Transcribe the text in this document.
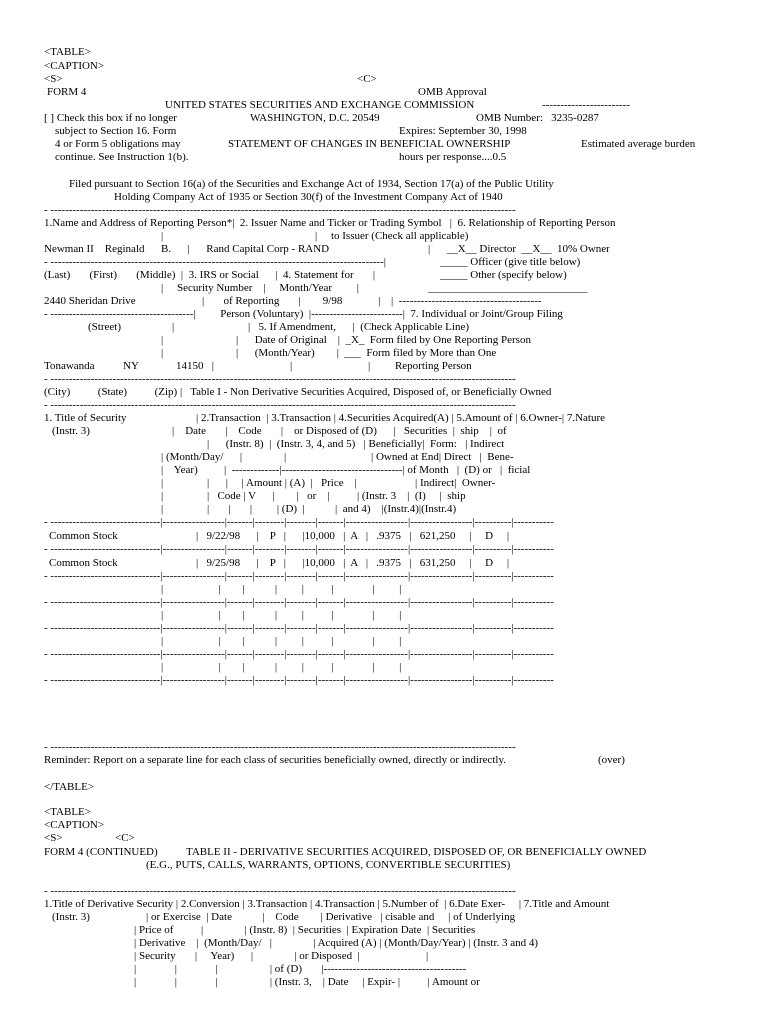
<TABLE>
<CAPTION>
<S>	<C>
FORM 4	OMB Approval
UNITED STATES SECURITIES AND EXCHANGE COMMISSION	------------------------
[ ] Check this box if no longer	WASHINGTON, D.C. 20549	OMB Number:   3235-0287
subject to Section 16. Form	Expires: September 30, 1998
4 or Form 5 obligations may	STATEMENT OF CHANGES IN BENEFICIAL OWNERSHIP	Estimated average burden
continue. See Instruction 1(b).	hours per response....0.5
Filed pursuant to Section 16(a) of the Securities and Exchange Act of 1934, Section 17(a) of the Public Utility
Holding Company Act of 1935 or Section 30(f) of the Investment Company Act of 1940
- -------------------------------------------------------------------------------------------------------------------------------
1.Name and Address of Reporting Person*|  2. Issuer Name and Ticker or Trading Symbol   |  6. Relationship of Reporting Person
|	|     to Issuer (Check all applicable)
Newman II    Reginald      B.      |      Rand Capital Corp - RAND	|      __X__ Director  __X__  10% Owner
- -------------------------------------------------------------------------------------------|	_____ Officer (give title below)
(Last)       (First)       (Middle)  |  3. IRS or Social      |  4. Statement for       |	_____ Other (specify below)
|     Security Number    |     Month/Year         |	_____________________________
2440 Sheridan Drive	|       of Reporting       |        9/98             | |  ---------------------------------------
- ---------------------------------------|         Person (Voluntary)  |-------------------------|  7. Individual or Joint/Group Filing
(Street)	|	|   5. If Amendment,      |  (Check Applicable Line)
|	|      Date of Original    |  _X_  Form filed by One Reporting Person
|	|      (Month/Year)        |  ___  Form filed by More than One
Tonawanda	NY	14150   |	|	|         Reporting Person
- -------------------------------------------------------------------------------------------------------------------------------
(City)          (State)          (Zip) |   Table I - Non Derivative Securities Acquired, Disposed of, or Beneficially Owned
- -------------------------------------------------------------------------------------------------------------------------------
1. Title of Security	| 2.Transaction  | 3.Transaction | 4.Securities Acquired(A) | 5.Amount of | 6.Owner-| 7.Nature
(Instr. 3)	|    Date       |    Code       |    or Disposed of (D)      |   Securities  |  ship    |  of
|      (Instr. 8)  |  (Instr. 3, 4, and 5)   | Beneficially|  Form:   | Indirect
| (Month/Day/      |	|	| Owned at End| Direct   |  Bene-
|    Year) |  -------------|---------------------------------| of Month   |  (D) or   |  ficial
|	|      |     | Amount | (A)  |   Price    |	| Indirect|  Owner-
|	|   Code | V      |        |   or    |          | (Instr. 3    |  (I)     |  ship
|	|       |       |         | (D)  |           |  and 4)    |(Instr.4)|(Instr.4)
- ------------------------------|-----------------|-------|--------|--------|-------|-----------------|-----------------|----------|-----------
Common Stock	|   9/22/98      |    P   |      |10,000   |  A   |   .9375   |   621,250     |     D     |
- ------------------------------|-----------------|-------|--------|--------|-------|-----------------|-----------------|----------|-----------
Common Stock	|   9/25/98      |    P   |      |10,000   |  A   |   .9375   |   631,250     |     D     |
- ------------------------------|-----------------|-------|--------|--------|-------|-----------------|-----------------|----------|-----------
|                    |        |           |         |          |              |         |
- ------------------------------|-----------------|-------|--------|--------|-------|-----------------|-----------------|----------|-----------
|                    |        |           |         |          |              |         |
- ------------------------------|-----------------|-------|--------|--------|-------|-----------------|-----------------|----------|-----------
|                    |        |           |         |          |              |         |
- ------------------------------|-----------------|-------|--------|--------|-------|-----------------|-----------------|----------|-----------
|                    |        |           |         |          |              |         |
- ------------------------------|-----------------|-------|--------|--------|-------|-----------------|-----------------|----------|-----------
- -------------------------------------------------------------------------------------------------------------------------------
Reminder: Report on a separate line for each class of securities beneficially owned, directly or indirectly.	(over)
</TABLE>
<TABLE>
<CAPTION>
<S>	<C>
FORM 4 (CONTINUED)	TABLE II - DERIVATIVE SECURITIES ACQUIRED, DISPOSED OF, OR BENEFICIALLY OWNED
(E.G., PUTS, CALLS, WARRANTS, OPTIONS, CONVERTIBLE SECURITIES)
- -------------------------------------------------------------------------------------------------------------------------------
1.Title of Derivative Security | 2.Conversion | 3.Transaction | 4.Transaction | 5.Number of  | 6.Date Exer-     | 7.Title and Amount
(Instr. 3)	| or Exercise  | Date           |    Code        | Derivative   | cisable and     | of Underlying
| Price of          |               | (Instr. 8)  | Securities  | Expiration Date  | Securities
| Derivative    |  (Month/Day/   |               | Acquired (A) | (Month/Day/Year) | (Instr. 3 and 4)
| Security       |     Year)      |               | or Disposed  |	|
|              |              |                   | of (D)       |---------------------------------------
|              |              |                   | (Instr. 3,    | Date     | Expir- |          | Amount or
